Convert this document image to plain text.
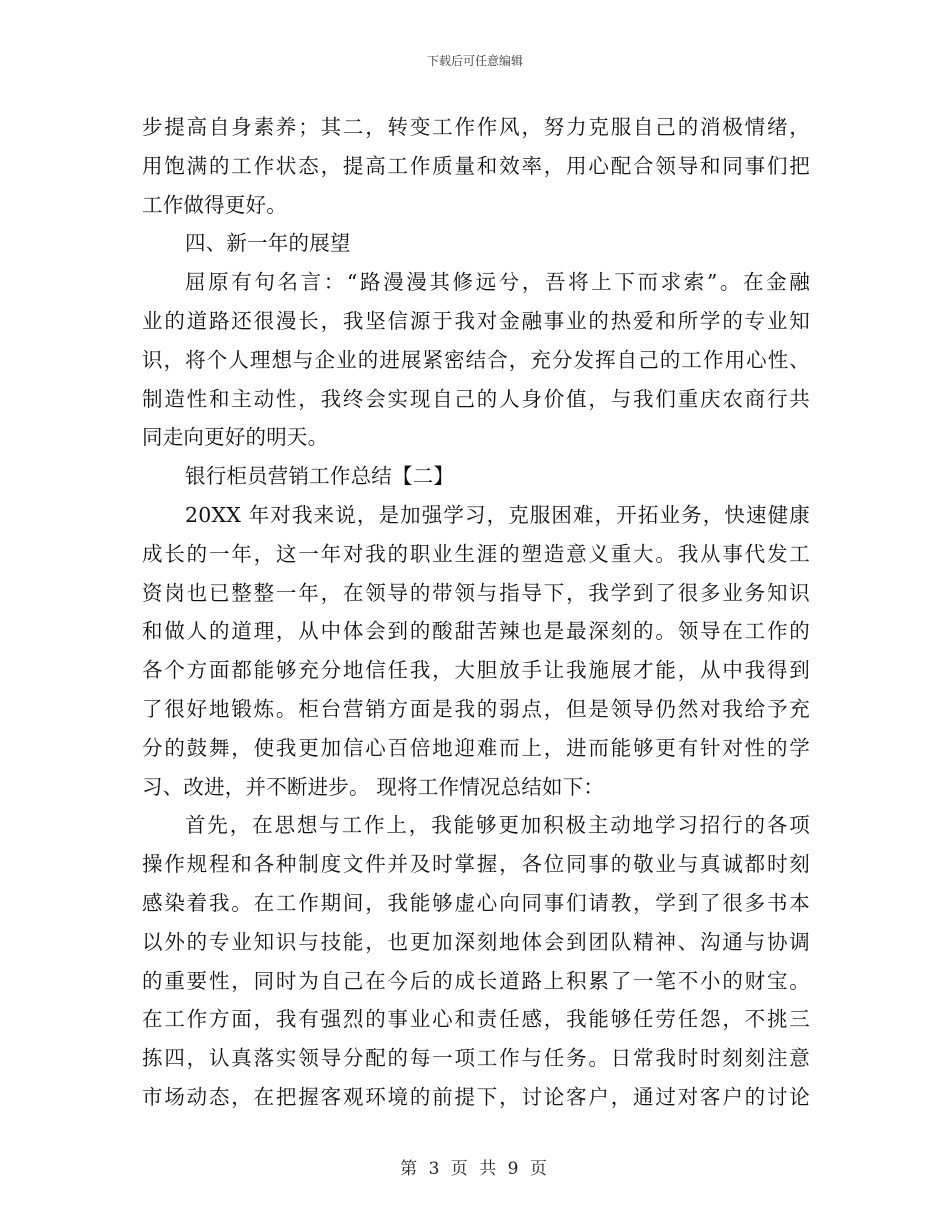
下载后可任意编辑
步提高自身素养；其二，转变工作作风，努力克服自己的消极情绪，
用饱满的工作状态，提高工作质量和效率，用心配合领导和同事们把
工作做得更好。
四、新一年的展望
屈原有句名言：“路漫漫其修远兮，吾将上下而求索”。在金融
业的道路还很漫长，我坚信源于我对金融事业的热爱和所学的专业知
识，将个人理想与企业的进展紧密结合，充分发挥自己的工作用心性、
制造性和主动性，我终会实现自己的人身价值，与我们重庆农商行共
同走向更好的明天。
银行柜员营销工作总结【二】
20XX 年对我来说，是加强学习，克服困难，开拓业务，快速健康
成长的一年，这一年对我的职业生涯的塑造意义重大。我从事代发工
资岗也已整整一年，在领导的带领与指导下，我学到了很多业务知识
和做人的道理，从中体会到的酸甜苦辣也是最深刻的。领导在工作的
各个方面都能够充分地信任我，大胆放手让我施展才能，从中我得到
了很好地锻炼。柜台营销方面是我的弱点，但是领导仍然对我给予充
分的鼓舞，使我更加信心百倍地迎难而上，进而能够更有针对性的学
习、改进，并不断进步。 现将工作情况总结如下：
首先，在思想与工作上，我能够更加积极主动地学习招行的各项
操作规程和各种制度文件并及时掌握，各位同事的敬业与真诚都时刻
感染着我。在工作期间，我能够虚心向同事们请教，学到了很多书本
以外的专业知识与技能，也更加深刻地体会到团队精神、沟通与协调
的重要性，同时为自己在今后的成长道路上积累了一笔不小的财宝。
在工作方面，我有强烈的事业心和责任感，我能够任劳任怨，不挑三
拣四，认真落实领导分配的每一项工作与任务。日常我时时刻刻注意
市场动态，在把握客观环境的前提下，讨论客户，通过对客户的讨论
第 3 页 共 9 页
